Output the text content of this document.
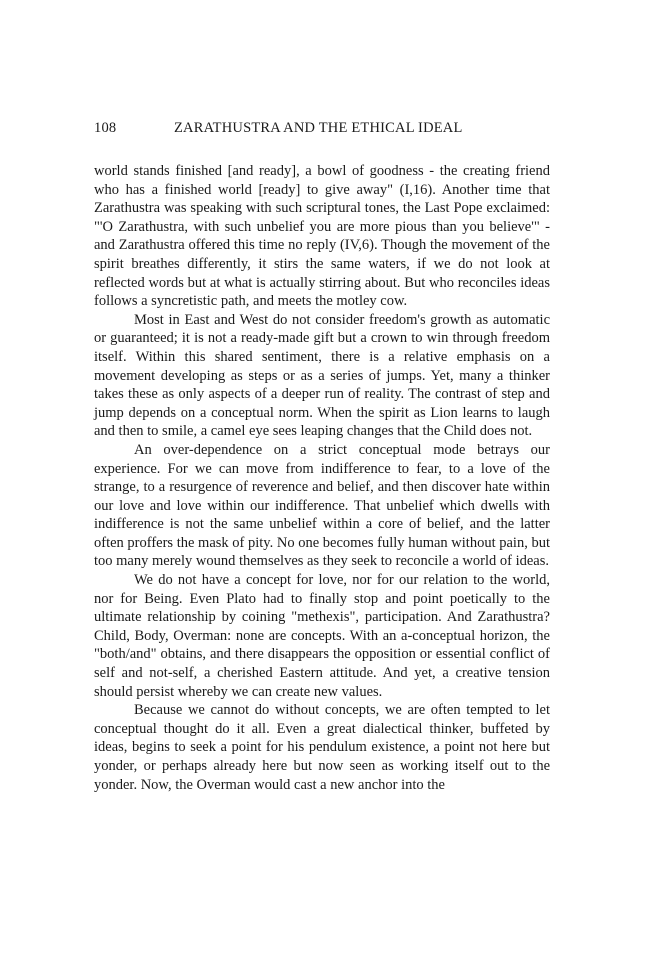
108	ZARATHUSTRA AND THE ETHICAL IDEAL

world stands finished [and ready], a bowl of goodness - the creating friend who has a finished world [ready] to give away" (I,16). Another time that Zarathustra was speaking with such scriptural tones, the Last Pope exclaimed: "'O Zarathustra, with such unbelief you are more pious than you believe'" - and Zarathustra offered this time no reply (IV,6). Though the movement of the spirit breathes differently, it stirs the same waters, if we do not look at reflected words but at what is actually stirring about. But who reconciles ideas follows a syncretistic path, and meets the motley cow.

Most in East and West do not consider freedom's growth as automatic or guaranteed; it is not a ready-made gift but a crown to win through freedom itself. Within this shared sentiment, there is a relative emphasis on a movement developing as steps or as a series of jumps. Yet, many a thinker takes these as only aspects of a deeper run of reality. The contrast of step and jump depends on a conceptual norm. When the spirit as Lion learns to laugh and then to smile, a camel eye sees leaping changes that the Child does not.

An over-dependence on a strict conceptual mode betrays our experience. For we can move from indifference to fear, to a love of the strange, to a resurgence of reverence and belief, and then discover hate within our love and love within our indifference. That unbelief which dwells with indifference is not the same unbelief within a core of belief, and the latter often proffers the mask of pity. No one becomes fully human without pain, but too many merely wound themselves as they seek to reconcile a world of ideas.

We do not have a concept for love, nor for our relation to the world, nor for Being. Even Plato had to finally stop and point poetically to the ultimate relationship by coining "methexis", participation. And Zarathustra? Child, Body, Overman: none are concepts. With an a-conceptual horizon, the "both/and" obtains, and there disappears the opposition or essential conflict of self and not-self, a cherished Eastern attitude. And yet, a creative tension should persist whereby we can create new values.

Because we cannot do without concepts, we are often tempted to let conceptual thought do it all. Even a great dialectical thinker, buffeted by ideas, begins to seek a point for his pendulum existence, a point not here but yonder, or perhaps already here but now seen as working itself out to the yonder. Now, the Overman would cast a new anchor into the
